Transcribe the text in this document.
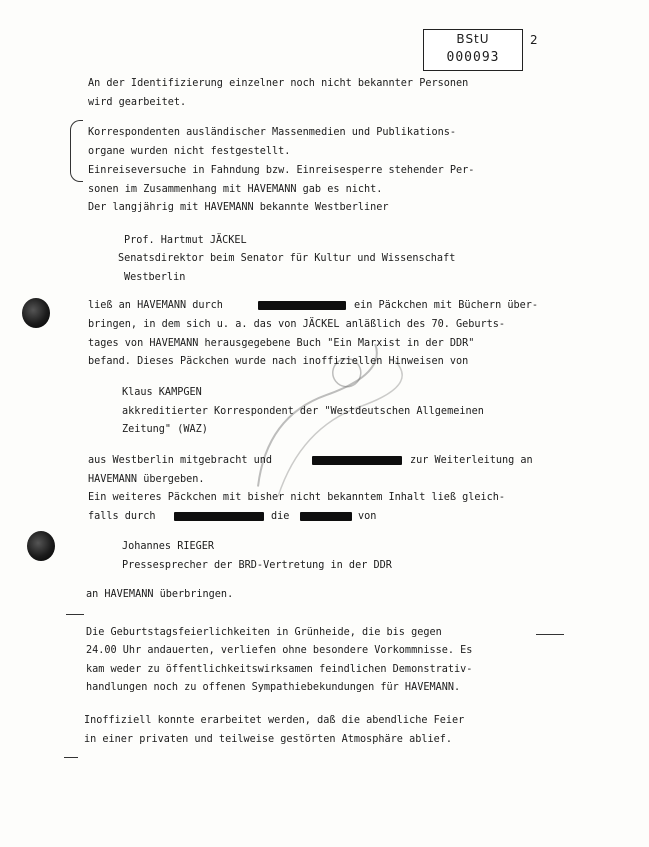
BStU
000093
2
An der Identifizierung einzelner noch nicht bekannter Personen
wird gearbeitet.
Korrespondenten ausländischer Massenmedien und Publikations-
organe wurden nicht festgestellt.
Einreiseversuche in Fahndung bzw. Einreisesperre stehender Per-
sonen im Zusammenhang mit HAVEMANN gab es nicht.
Der langjährig mit HAVEMANN bekannte Westberliner
Prof. Hartmut JÄCKEL
Senatsdirektor beim Senator für Kultur und Wissenschaft
Westberlin
ließ an HAVEMANN durch	ein Päckchen mit Büchern über-
bringen, in dem sich u. a. das von JÄCKEL anläßlich des 70. Geburts-
tages von HAVEMANN herausgegebene Buch "Ein Marxist in der DDR"
befand. Dieses Päckchen wurde nach inoffiziellen Hinweisen von
Klaus KAMPGEN
akkreditierter Korrespondent der "Westdeutschen Allgemeinen
Zeitung" (WAZ)
aus Westberlin mitgebracht und	zur Weiterleitung an
HAVEMANN übergeben.
Ein weiteres Päckchen mit bisher nicht bekanntem Inhalt ließ gleich-
falls durch	die	von
Johannes RIEGER
Pressesprecher der BRD-Vertretung in der DDR
an HAVEMANN überbringen.
Die Geburtstagsfeierlichkeiten in Grünheide, die bis gegen
24.00 Uhr andauerten, verliefen ohne besondere Vorkommnisse. Es
kam weder zu öffentlichkeitswirksamen feindlichen Demonstrativ-
handlungen noch zu offenen Sympathiebekundungen für HAVEMANN.
Inoffiziell konnte erarbeitet werden, daß die abendliche Feier
in einer privaten und teilweise gestörten Atmosphäre ablief.
